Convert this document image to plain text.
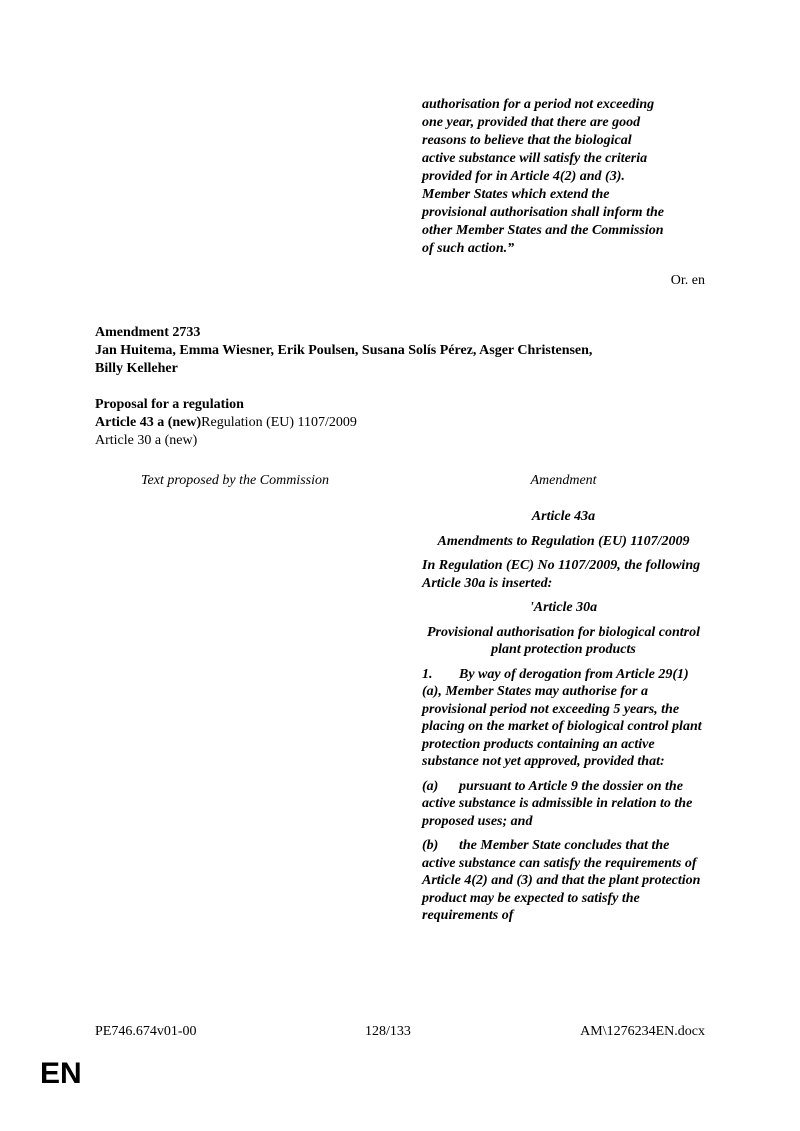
authorisation for a period not exceeding
one year, provided that there are good
reasons to believe that the biological
active substance will satisfy the criteria
provided for in Article 4(2) and (3).
Member States which extend the
provisional authorisation shall inform the
other Member States and the Commission
of such action.”
Or. en
Amendment 2733
Jan Huitema, Emma Wiesner, Erik Poulsen, Susana Solís Pérez, Asger Christensen,
Billy Kelleher
Proposal for a regulation
Article 43 a (new)Regulation (EU) 1107/2009
Article 30 a (new)
Text proposed by the Commission	Amendment

Article 43a

Amendments to Regulation (EU) 1107/2009

In Regulation (EC) No 1107/2009, the following Article 30a is inserted:

'Article 30a

Provisional authorisation for biological control plant protection products

1. By way of derogation from Article 29(1)(a), Member States may authorise for a provisional period not exceeding 5 years, the placing on the market of biological control plant protection products containing an active substance not yet approved, provided that:

(a) pursuant to Article 9 the dossier on the active substance is admissible in relation to the proposed uses; and

(b) the Member State concludes that the active substance can satisfy the requirements of Article 4(2) and (3) and that the plant protection product may be expected to satisfy the requirements of

PE746.674v01-00	128/133	AM\1276234EN.docx
EN
